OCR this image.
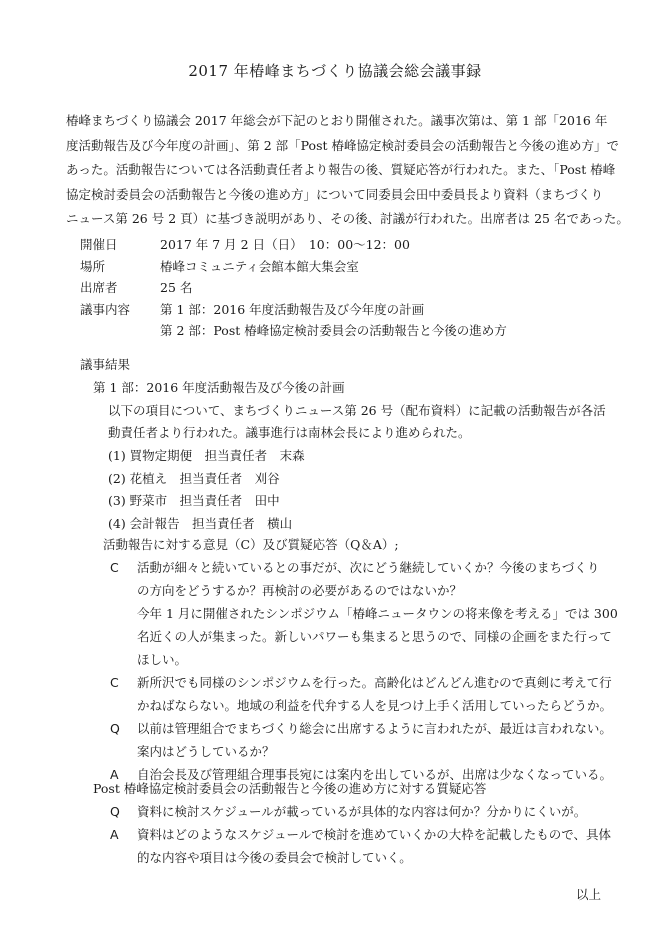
2017 年椿峰まちづくり協議会総会議事録
椿峰まちづくり協議会 2017 年総会が下記のとおり開催された。議事次第は、第 1 部「2016 年
度活動報告及び今年度の計画」、第 2 部「Post 椿峰協定検討委員会の活動報告と今後の進め方」で
あった。活動報告については各活動責任者より報告の後、質疑応答が行われた。また、「Post 椿峰
協定検討委員会の活動報告と今後の進め方」について同委員会田中委員長より資料（まちづくり
ニュース第 26 号 2 頁）に基づき説明があり、その後、討議が行われた。出席者は 25 名であった。
開催日	2017 年 7 月 2 日（日）　10：00～12：00
場所	椿峰コミュニティ会館本館大集会室
出席者	25 名
議事内容	第 1 部：2016 年度活動報告及び今年度の計画
第 2 部：Post 椿峰協定検討委員会の活動報告と今後の進め方
議事結果
第 1 部：2016 年度活動報告及び今後の計画
以下の項目について、まちづくりニュース第 26 号（配布資料）に記載の活動報告が各活
動責任者より行われた。議事進行は南林会長により進められた。
(1) 買物定期便　担当責任者　末森
(2) 花植え　担当責任者　刈谷
(3) 野菜市　担当責任者　田中
(4) 会計報告　担当責任者　横山
活動報告に対する意見（C）及び質疑応答（Q＆A）;
C	活動が細々と続いているとの事だが、次にどう継続していくか？今後のまちづくり
の方向をどうするか？再検討の必要があるのではないか？
今年 1 月に開催されたシンポジウム「椿峰ニュータウンの将来像を考える」では 300
名近くの人が集まった。新しいパワーも集まると思うので、同様の企画をまた行って
ほしい。
C	新所沢でも同様のシンポジウムを行った。高齢化はどんどん進むので真剣に考えて行
かねばならない。地域の利益を代弁する人を見つけ上手く活用していったらどうか。
Q	以前は管理組合でまちづくり総会に出席するように言われたが、最近は言われない。
案内はどうしているか？
A	自治会長及び管理組合理事長宛には案内を出しているが、出席は少なくなっている。
Post 椿峰協定検討委員会の活動報告と今後の進め方に対する質疑応答
Q	資料に検討スケジュールが載っているが具体的な内容は何か？分かりにくいが。
A	資料はどのようなスケジュールで検討を進めていくかの大枠を記載したもので、具体
的な内容や項目は今後の委員会で検討していく。
以上
